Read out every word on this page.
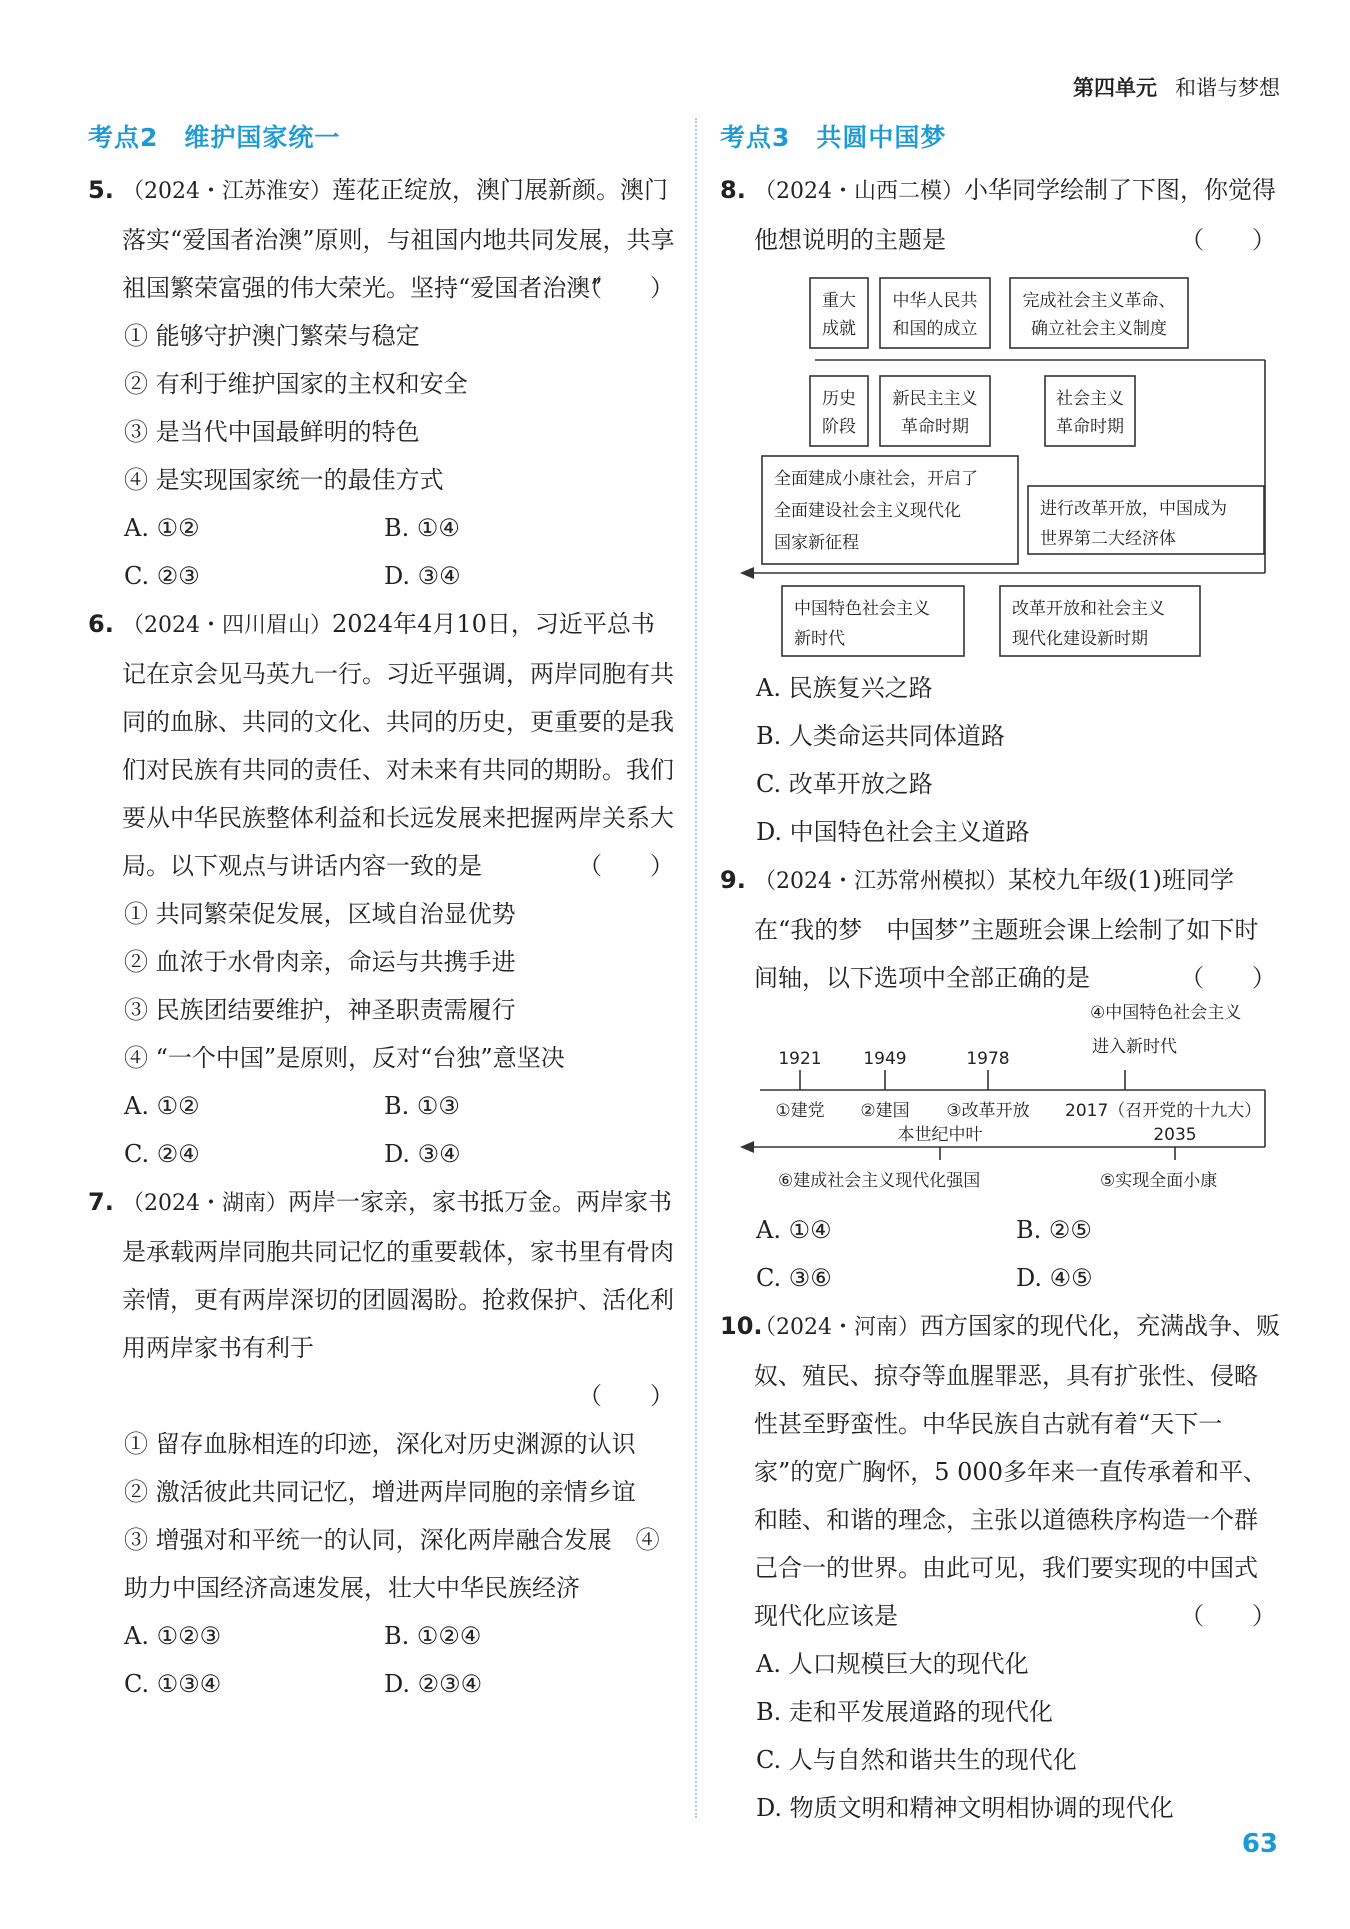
第四单元 和谐与梦想
考点2　维护国家统一

5. （2024・江苏淮安）莲花正绽放，澳门展新颜。澳门落实“爱国者治澳”原则，与祖国内地共同发展，共享祖国繁荣富强的伟大荣光。坚持“爱国者治澳”
（　　）

① 能够守护澳门繁荣与稳定
② 有利于维护国家的主权和安全
③ 是当代中国最鲜明的特色
④ 是实现国家统一的最佳方式
A. ①②	B. ①④
C. ②③	D. ③④

6. （2024・四川眉山）2024年4月10日，习近平总书记在京会见马英九一行。习近平强调，两岸同胞有共同的血脉、共同的文化、共同的历史，更重要的是我们对民族有共同的责任、对未来有共同的期盼。我们要从中华民族整体利益和长远发展来把握两岸关系大局。以下观点与讲话内容一致的是	（　　）

① 共同繁荣促发展，区域自治显优势
② 血浓于水骨肉亲，命运与共携手进
③ 民族团结要维护，神圣职责需履行
④ “一个中国”是原则，反对“台独”意坚决
A. ①②	B. ①③
C. ②④	D. ③④

7. （2024・湖南）两岸一家亲，家书抵万金。两岸家书是承载两岸同胞共同记忆的重要载体，家书里有骨肉亲情，更有两岸深切的团圆渴盼。抢救保护、活化利用两岸家书有利于

（　　）

① 留存血脉相连的印迹，深化对历史渊源的认识　② 激活彼此共同记忆，增进两岸同胞的亲情乡谊　③ 增强对和平统一的认同，深化两岸融合发展　④ 助力中国经济高速发展，壮大中华民族经济

A. ①②③	B. ①②④
C. ①③④	D. ②③④
考点3　共圆中国梦

8. （2024・山西二模）小华同学绘制了下图，你觉得他想说明的主题是	（　　）

重大
成就
中华人民共
和国的成立
完成社会主义革命、
确立社会主义制度
历史
阶段
新民主主义
革命时期
社会主义
革命时期
全面建成小康社会，开启了
全面建设社会主义现代化
国家新征程
进行改革开放，中国成为
世界第二大经济体
中国特色社会主义
新时代
改革开放和社会主义
现代化建设新时期
A. 民族复兴之路
B. 人类命运共同体道路
C. 改革开放之路
D. 中国特色社会主义道路

9. （2024・江苏常州模拟）某校九年级(1)班同学在“我的梦　中国梦”主题班会课上绘制了如下时间轴，以下选项中全部正确的是	（　　）

④中国特色社会主义
进入新时代
1921 1949	1978
①建党 ②建国 ③改革开放 2017（召开党的十九大）
本世纪中叶	2035
⑥建成社会主义现代化强国	⑤实现全面小康
A. ①④	B. ②⑤
C. ③⑥	D. ④⑤

10.（2024・河南）西方国家的现代化，充满战争、贩奴、殖民、掠夺等血腥罪恶，具有扩张性、侵略性甚至野蛮性。中华民族自古就有着“天下一家”的宽广胸怀，5 000多年来一直传承着和平、和睦、和谐的理念，主张以道德秩序构造一个群己合一的世界。由此可见，我们要实现的中国式现代化应该是	（　　）

A. 人口规模巨大的现代化
B. 走和平发展道路的现代化
C. 人与自然和谐共生的现代化
D. 物质文明和精神文明相协调的现代化
63
